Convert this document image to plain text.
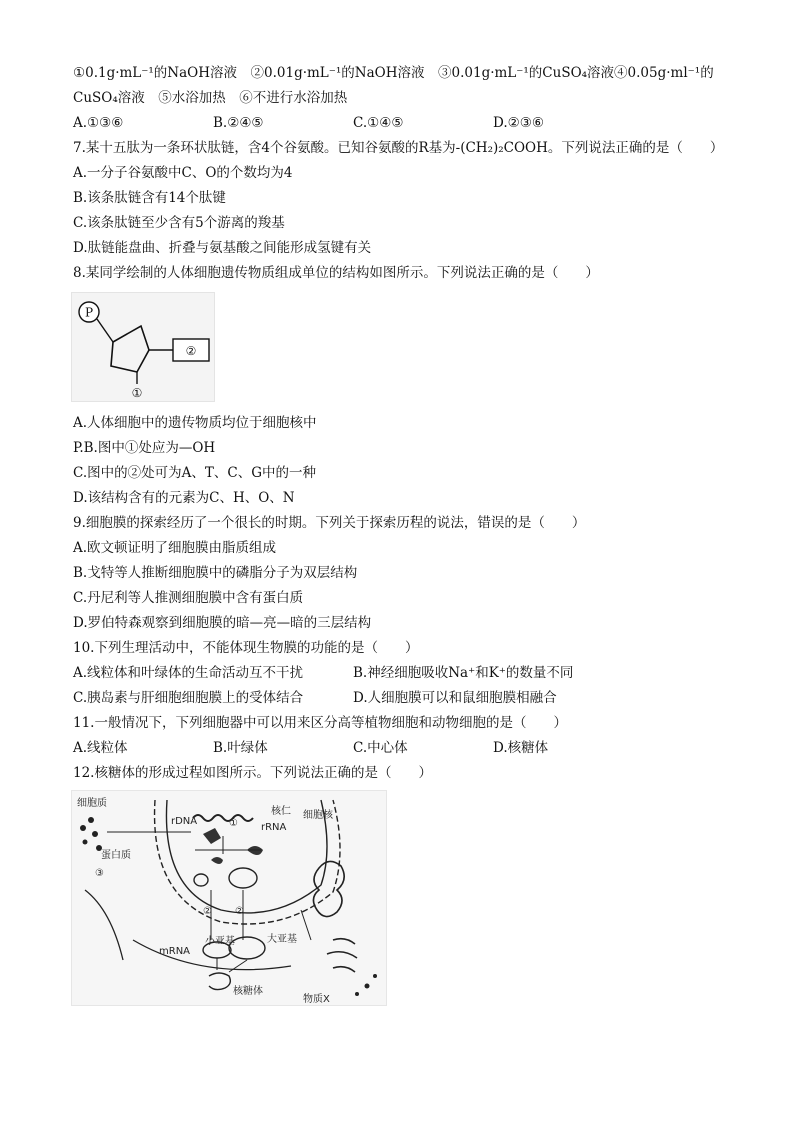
①0.1g·mL⁻¹的NaOH溶液　②0.01g·mL⁻¹的NaOH溶液　③0.01g·mL⁻¹的CuSO₄溶液④0.05g·ml⁻¹的
CuSO₄溶液　⑤水浴加热　⑥不进行水浴加热
A.①③⑥	B.②④⑤	C.①④⑤	D.②③⑥
7.某十五肽为一条环状肽链，含4个谷氨酸。已知谷氨酸的R基为-(CH₂)₂COOH。下列说法正确的是（　　）
A.一分子谷氨酸中C、O的个数均为4
B.该条肽链含有14个肽键
C.该条肽链至少含有5个游离的羧基
D.肽链能盘曲、折叠与氨基酸之间能形成氢键有关
8.某同学绘制的人体细胞遗传物质组成单位的结构如图所示。下列说法正确的是（　　）
P
②
①
A.人体细胞中的遗传物质均位于细胞核中
P.B.图中①处应为—OH
C.图中的②处可为A、T、C、G中的一种
D.该结构含有的元素为C、H、O、N
9.细胞膜的探索经历了一个很长的时期。下列关于探索历程的说法，错误的是（　　）
A.欧文顿证明了细胞膜由脂质组成
B.戈特等人推断细胞膜中的磷脂分子为双层结构
C.丹尼利等人推测细胞膜中含有蛋白质
D.罗伯特森观察到细胞膜的暗—亮—暗的三层结构
10.下列生理活动中，不能体现生物膜的功能的是（　　）
A.线粒体和叶绿体的生命活动互不干扰	B.神经细胞吸收Na⁺和K⁺的数量不同
C.胰岛素与肝细胞细胞膜上的受体结合	D.人细胞膜可以和鼠细胞膜相融合
11.一般情况下，下列细胞器中可以用来区分高等植物细胞和动物细胞的是（　　）
A.线粒体	B.叶绿体	C.中心体	D.核糖体
12.核糖体的形成过程如图所示。下列说法正确的是（　　）
细胞质
蛋白质
③
rDNA
核仁
rRNA
①
细胞核
② ②
小亚基	大亚基
mRNA
核糖体
物质X
